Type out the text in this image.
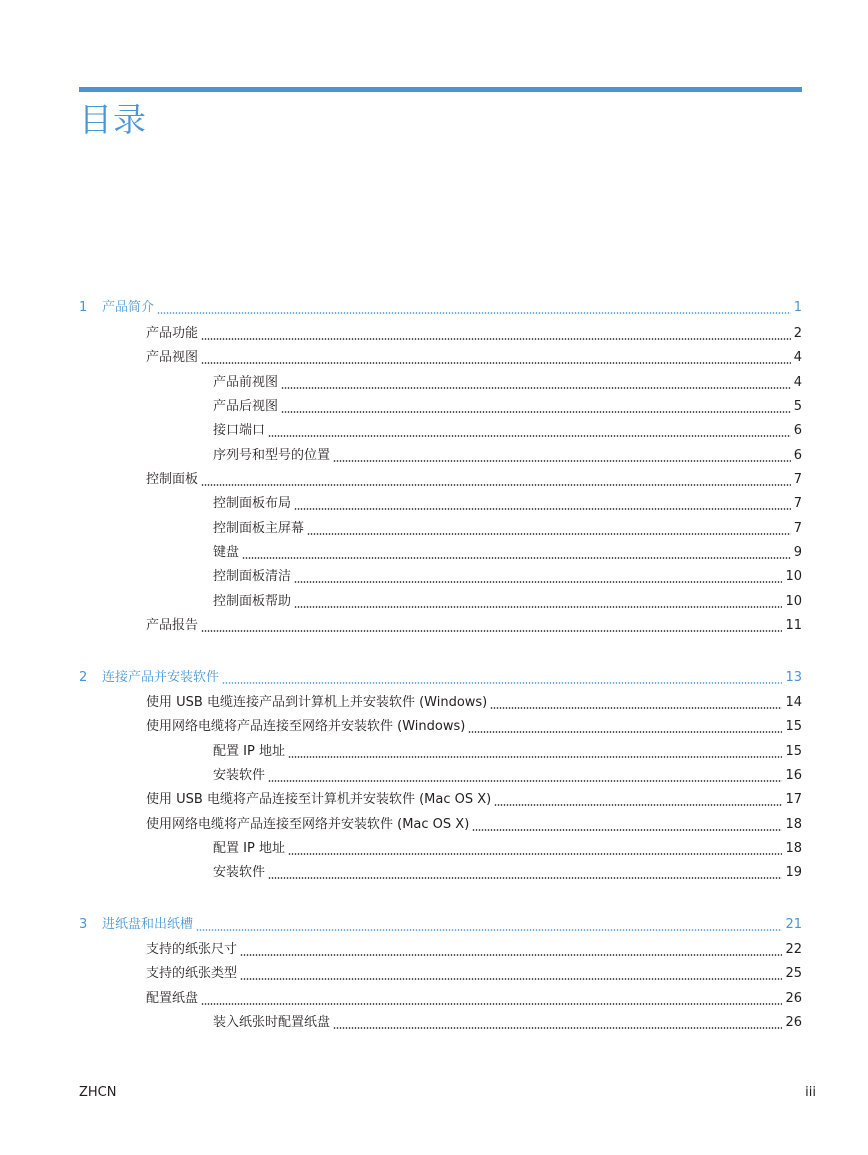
目录
1	产品简介	1
产品功能	2
产品视图	4
产品前视图	4
产品后视图	5
接口端口	6
序列号和型号的位置	6
控制面板	7
控制面板布局	7
控制面板主屏幕	7
键盘	9
控制面板清洁	10
控制面板帮助	10
产品报告	11
2	连接产品并安装软件	13
使用 USB 电缆连接产品到计算机上并安装软件 (Windows)	14
使用网络电缆将产品连接至网络并安装软件 (Windows)	15
配置 IP 地址	15
安装软件	16
使用 USB 电缆将产品连接至计算机并安装软件 (Mac OS X)	17
使用网络电缆将产品连接至网络并安装软件 (Mac OS X)	18
配置 IP 地址	18
安装软件	19
3	进纸盘和出纸槽	21
支持的纸张尺寸	22
支持的纸张类型	25
配置纸盘	26
装入纸张时配置纸盘	26
ZHCN	iii
